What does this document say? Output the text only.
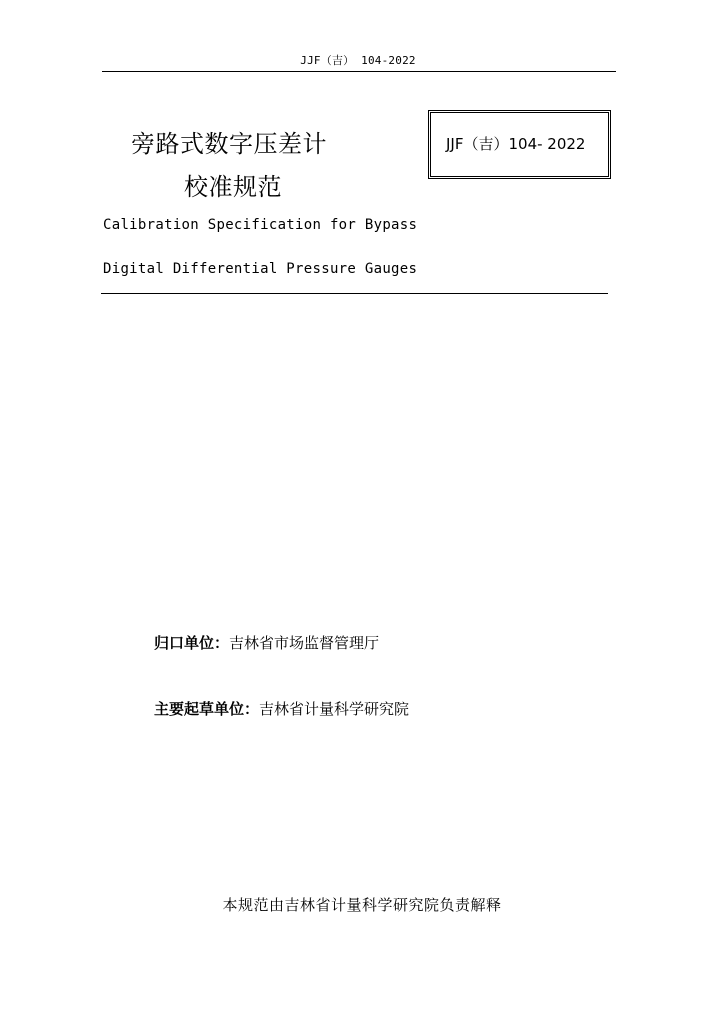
JJF（吉） 104-2022
旁路式数字压差计
校准规范
JJF（吉）104- 2022
Calibration Specification for Bypass
Digital Differential Pressure Gauges
归口单位：吉林省市场监督管理厅
主要起草单位：吉林省计量科学研究院
本规范由吉林省计量科学研究院负责解释
